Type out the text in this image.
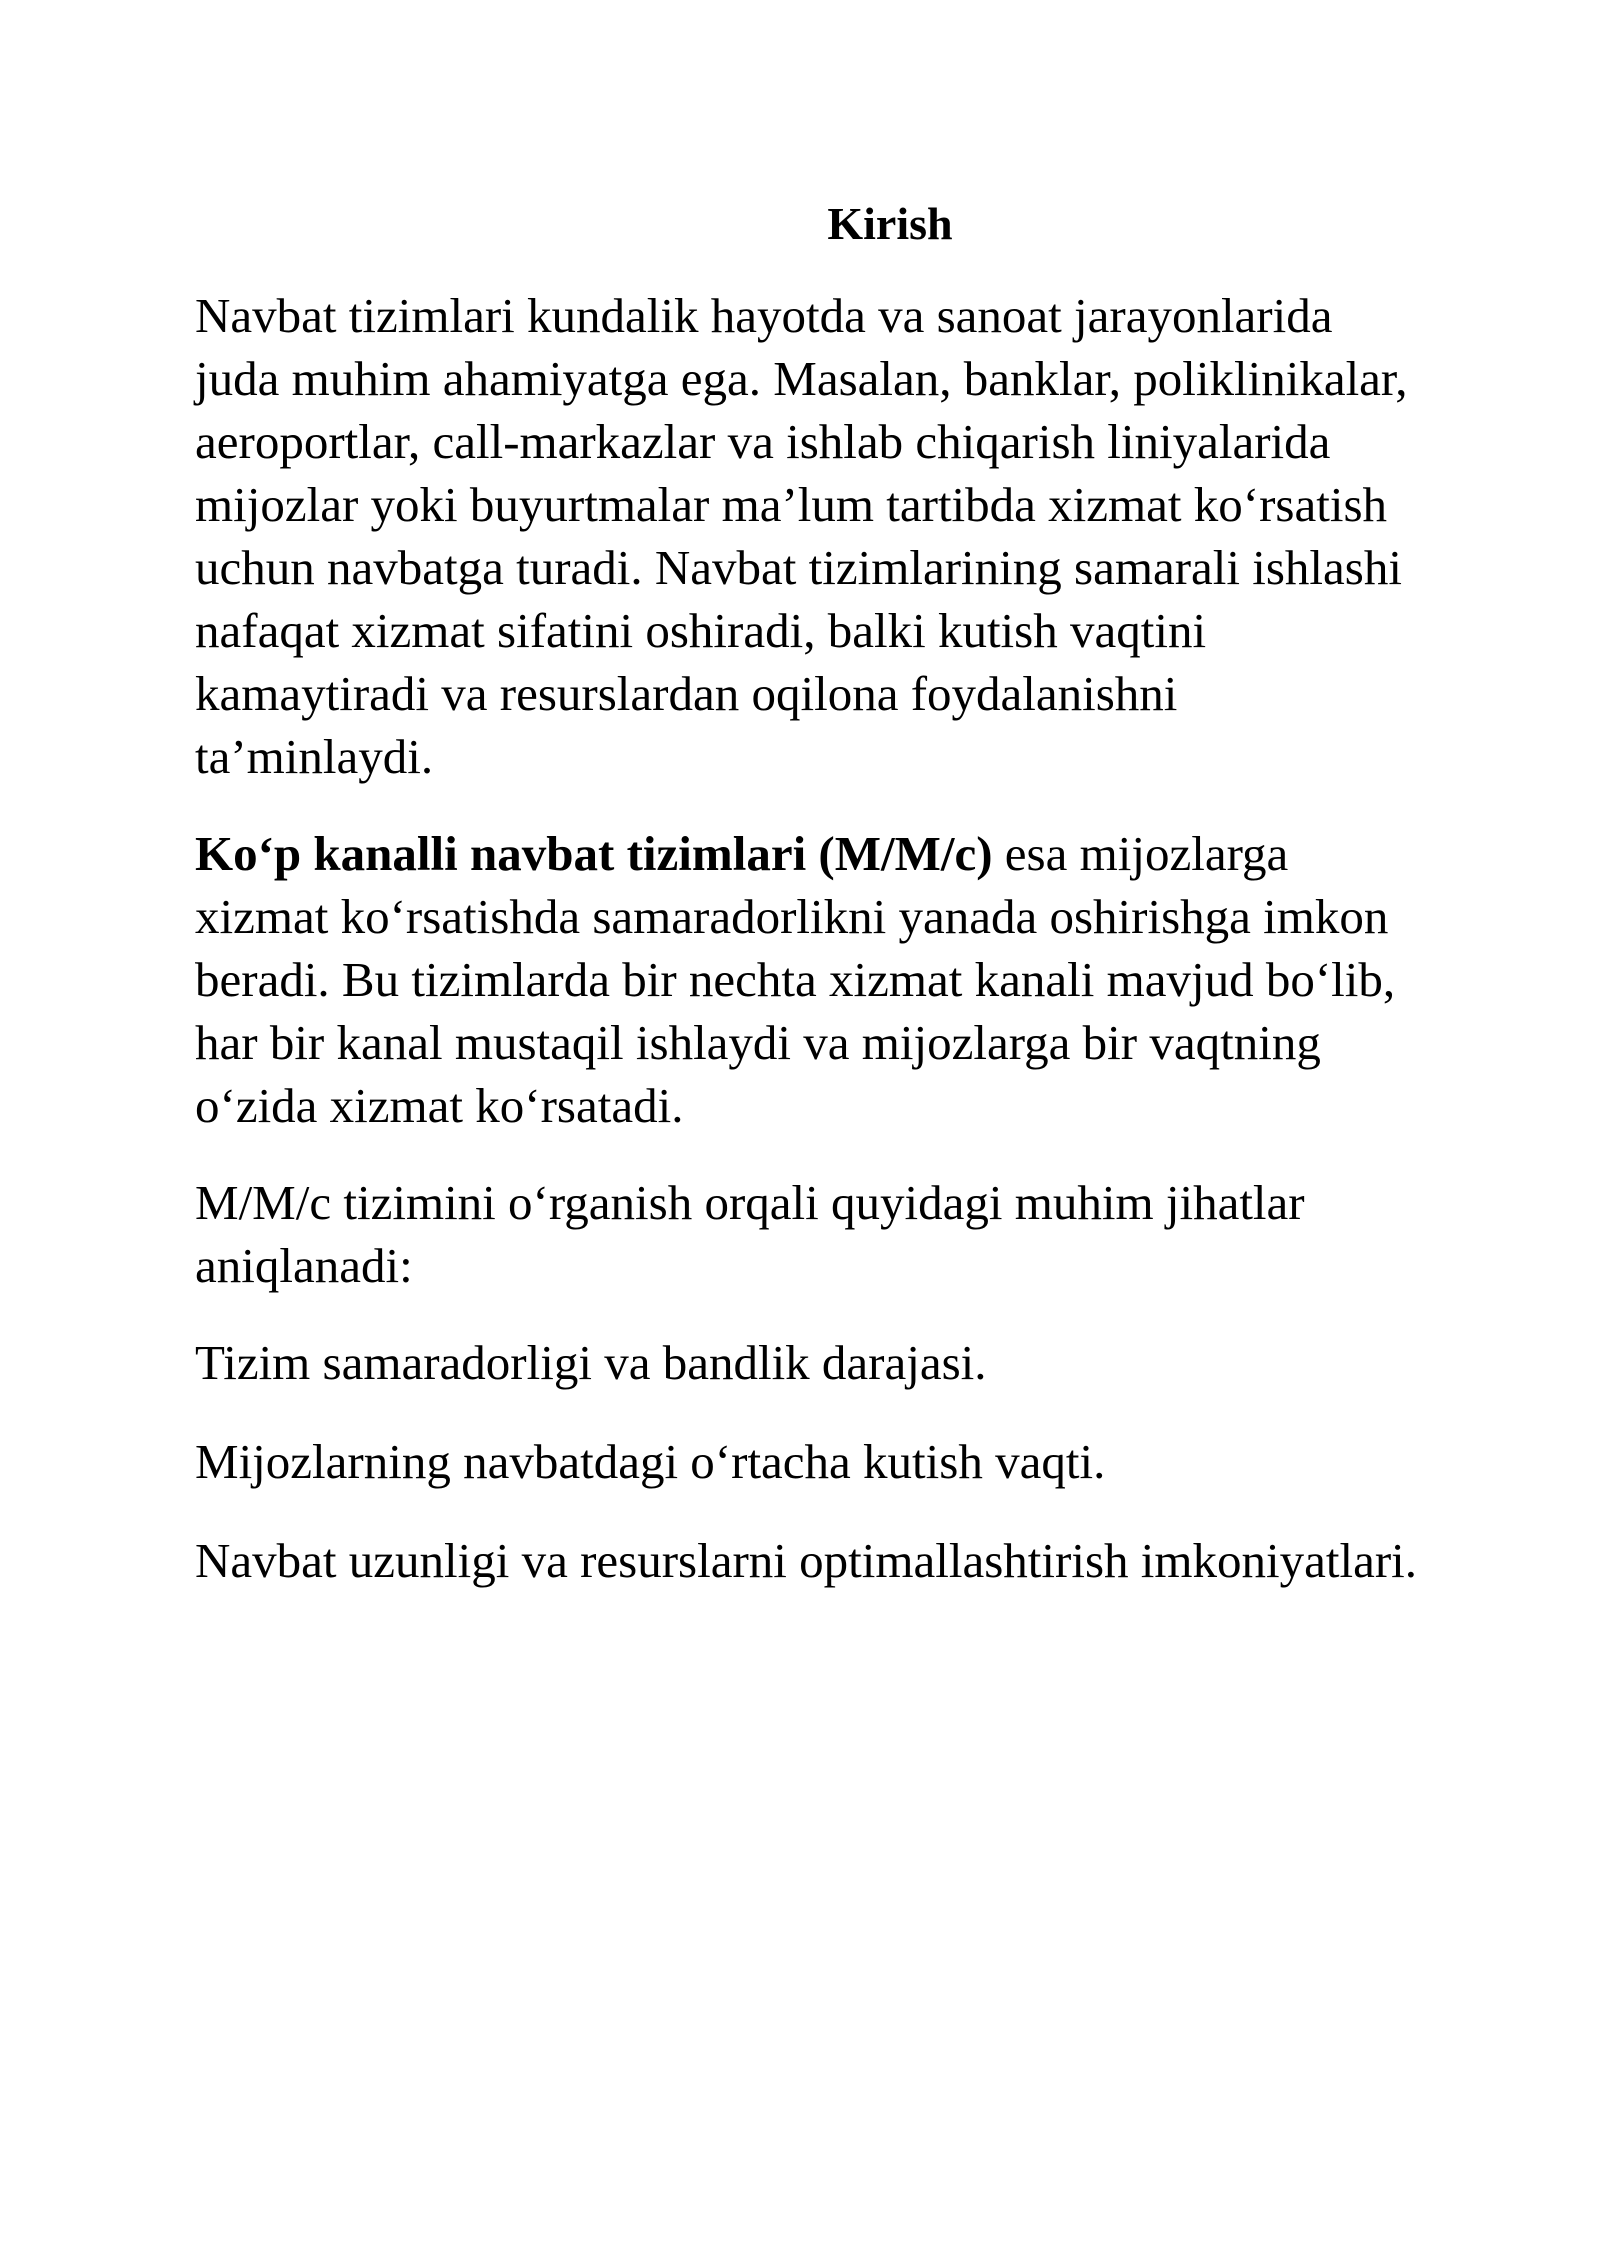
Kirish

Navbat tizimlari kundalik hayotda va sanoat jarayonlarida juda muhim ahamiyatga ega. Masalan, banklar, poliklinikalar, aeroportlar, call-markazlar va ishlab chiqarish liniyalarida mijozlar yoki buyurtmalar ma’lum tartibda xizmat ko‘rsatish uchun navbatga turadi. Navbat tizimlarining samarali ishlashi nafaqat xizmat sifatini oshiradi, balki kutish vaqtini kamaytiradi va resurslardan oqilona foydalanishni ta’minlaydi.

Ko‘p kanalli navbat tizimlari (M/M/c) esa mijozlarga xizmat ko‘rsatishda samaradorlikni yanada oshirishga imkon beradi. Bu tizimlarda bir nechta xizmat kanali mavjud bo‘lib, har bir kanal mustaqil ishlaydi va mijozlarga bir vaqtning o‘zida xizmat ko‘rsatadi.

M/M/c tizimini o‘rganish orqali quyidagi muhim jihatlar aniqlanadi:

Tizim samaradorligi va bandlik darajasi.

Mijozlarning navbatdagi o‘rtacha kutish vaqti.

Navbat uzunligi va resurslarni optimallashtirish imkoniyatlari.
